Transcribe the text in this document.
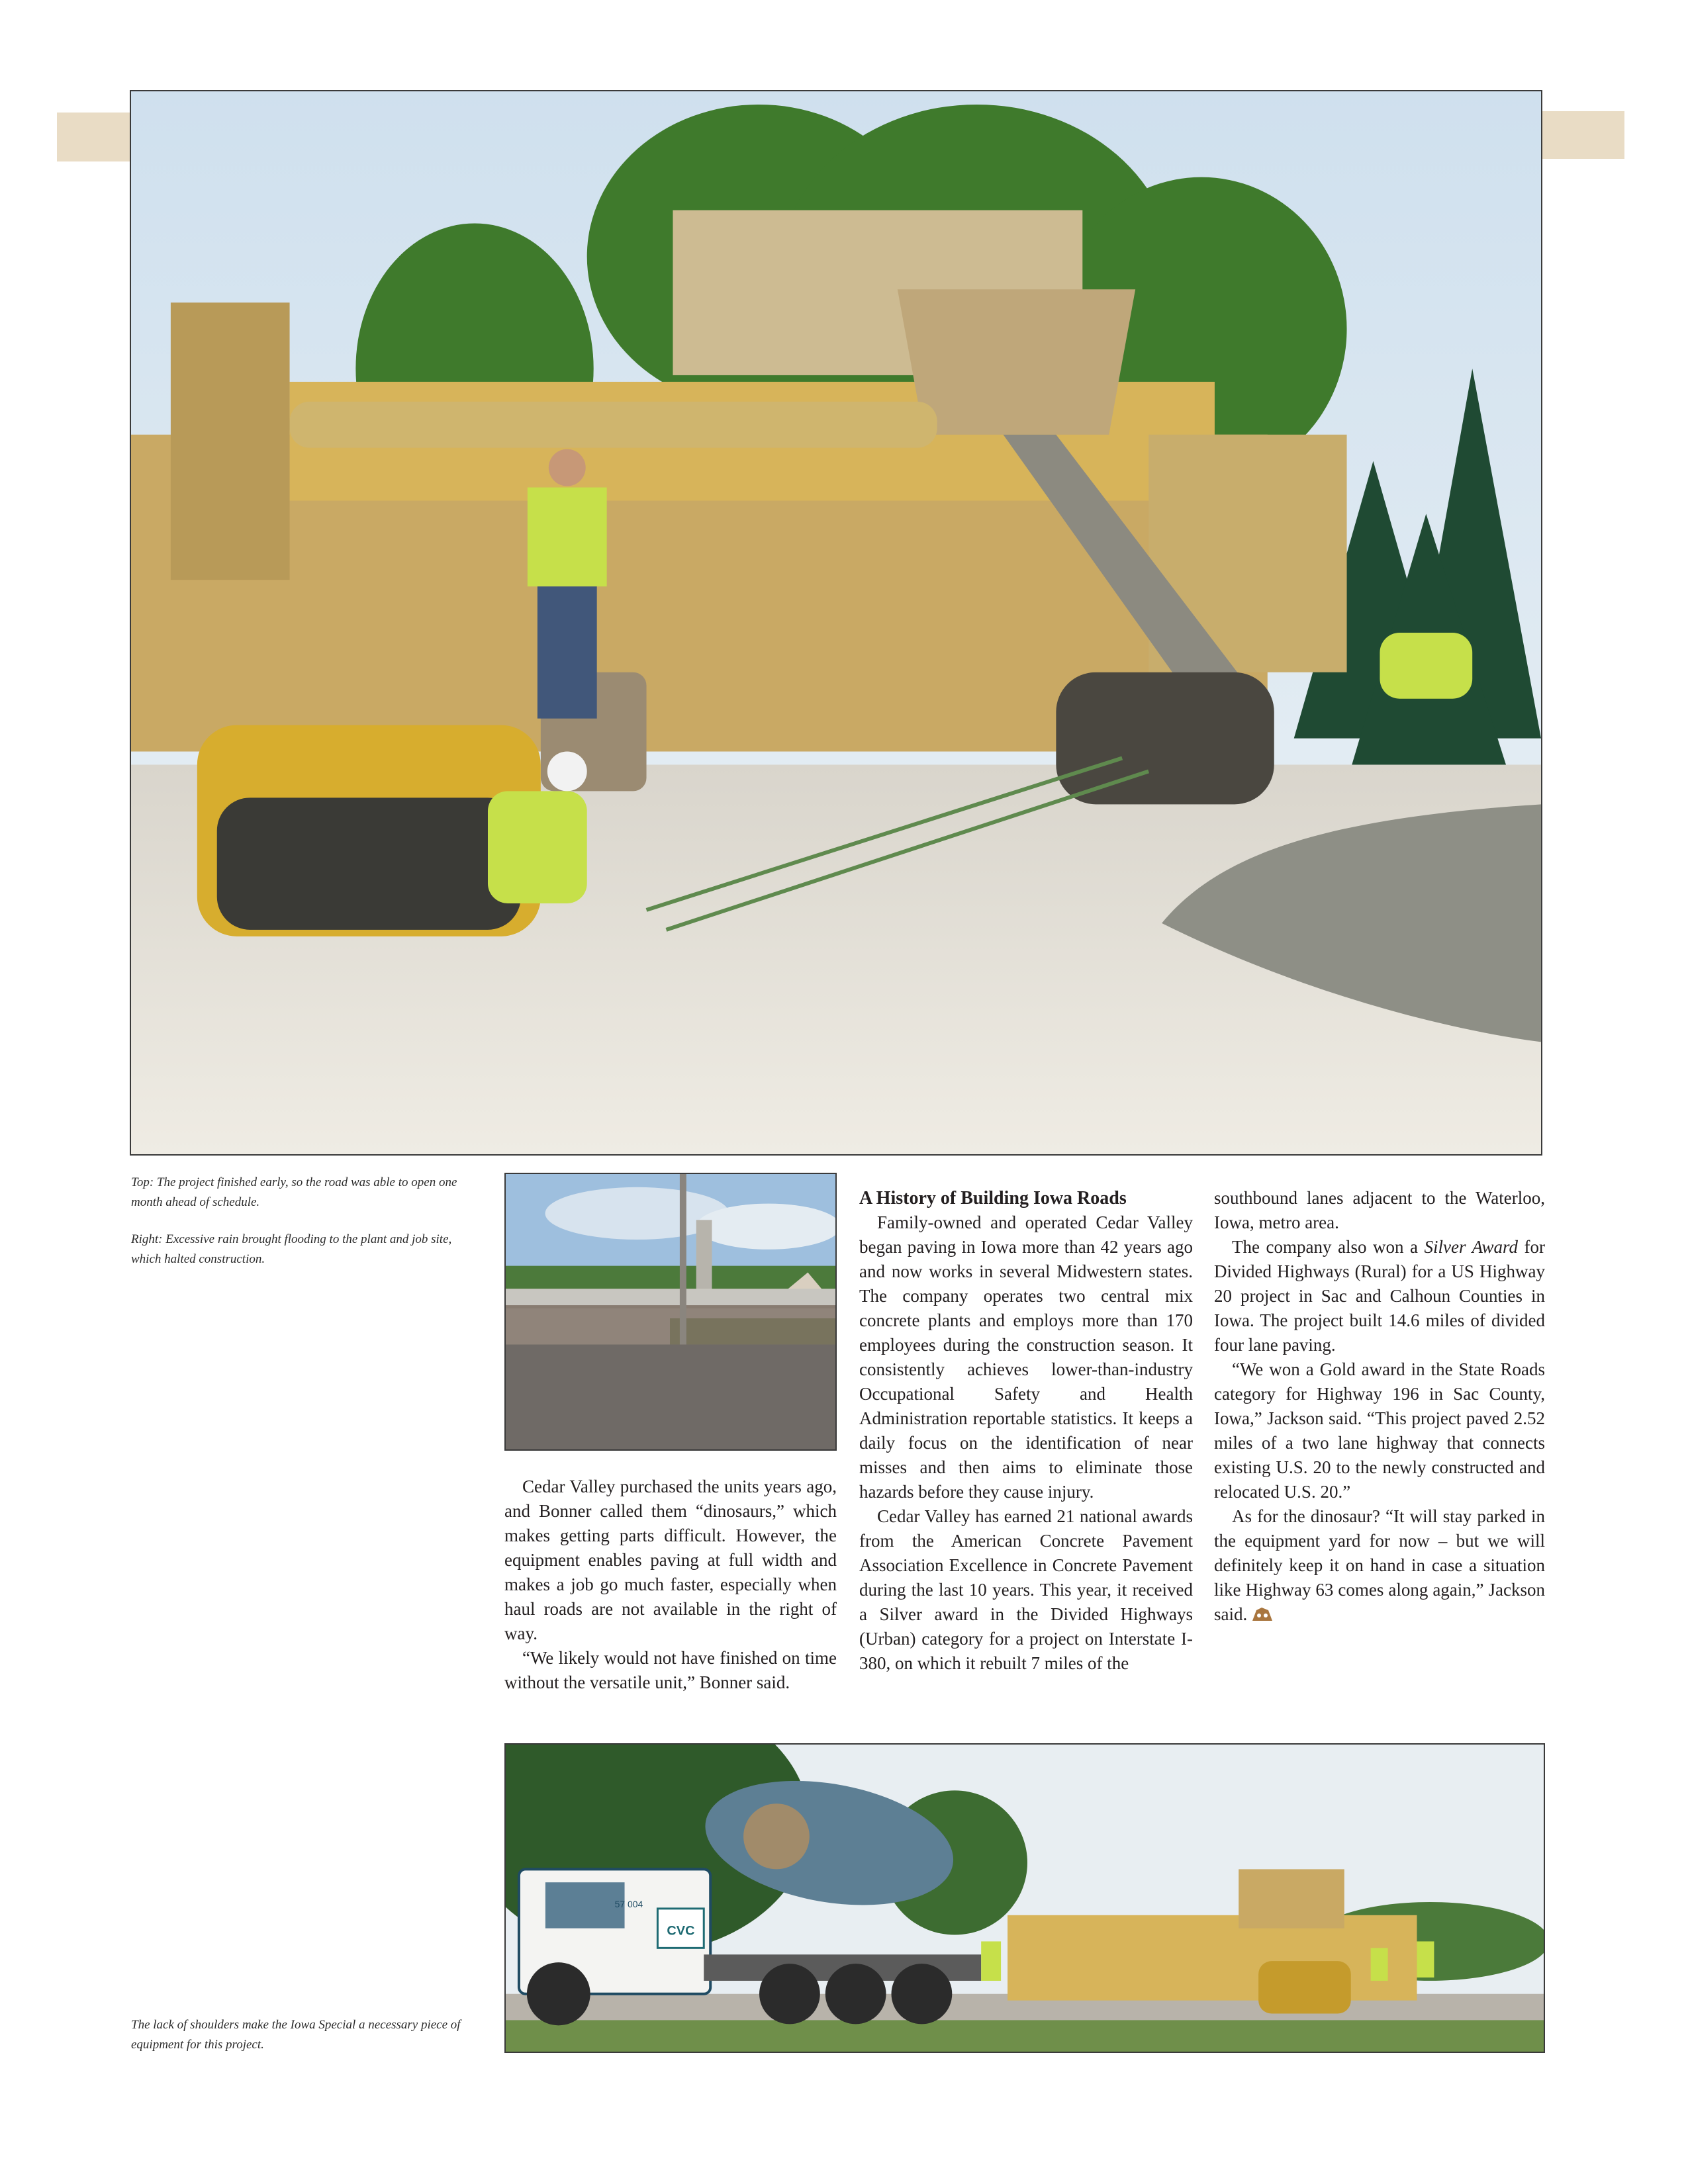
Top: The project finished early, so the road was able to open one month ahead of schedule.

Right: Excessive rain brought flooding to the plant and job site, which halted construction.

Cedar Valley purchased the units years ago, and Bonner called them “dinosaurs,” which makes getting parts difficult. However, the equipment enables paving at full width and makes a job go much faster, especially when haul roads are not available in the right of way.

“We likely would not have finished on time without the versatile unit,” Bonner said.

A History of Building Iowa Roads

Family-owned and operated Cedar Valley began paving in Iowa more than 42 years ago and now works in several Midwestern states. The company operates two central mix concrete plants and employs more than 170 employees during the construction season. It consistently achieves lower-than-industry Occupational Safety and Health Administration reportable statistics. It keeps a daily focus on the identification of near misses and then aims to eliminate those hazards before they cause injury.

Cedar Valley has earned 21 national awards from the American Concrete Pavement Association Excellence in Concrete Pavement during the last 10 years. This year, it received a Silver award in the Divided Highways (Urban) category for a project on Interstate I-380, on which it rebuilt 7 miles of the

southbound lanes adjacent to the Waterloo, Iowa, metro area.

The company also won a Silver Award for Divided Highways (Rural) for a US Highway 20 project in Sac and Calhoun Counties in Iowa. The project built 14.6 miles of divided four lane paving.

“We won a Gold award in the State Roads category for Highway 196 in Sac County, Iowa,” Jackson said. “This project paved 2.52 miles of a two lane highway that connects existing U.S. 20 to the newly constructed and relocated U.S. 20.”

As for the dinosaur? “It will stay parked in the equipment yard for now – but we will definitely keep it on hand in case a situation like Highway 63 comes along again,” Jackson said.

CVC
57 004

The lack of shoulders make the Iowa Special a necessary piece of equipment for this project.
